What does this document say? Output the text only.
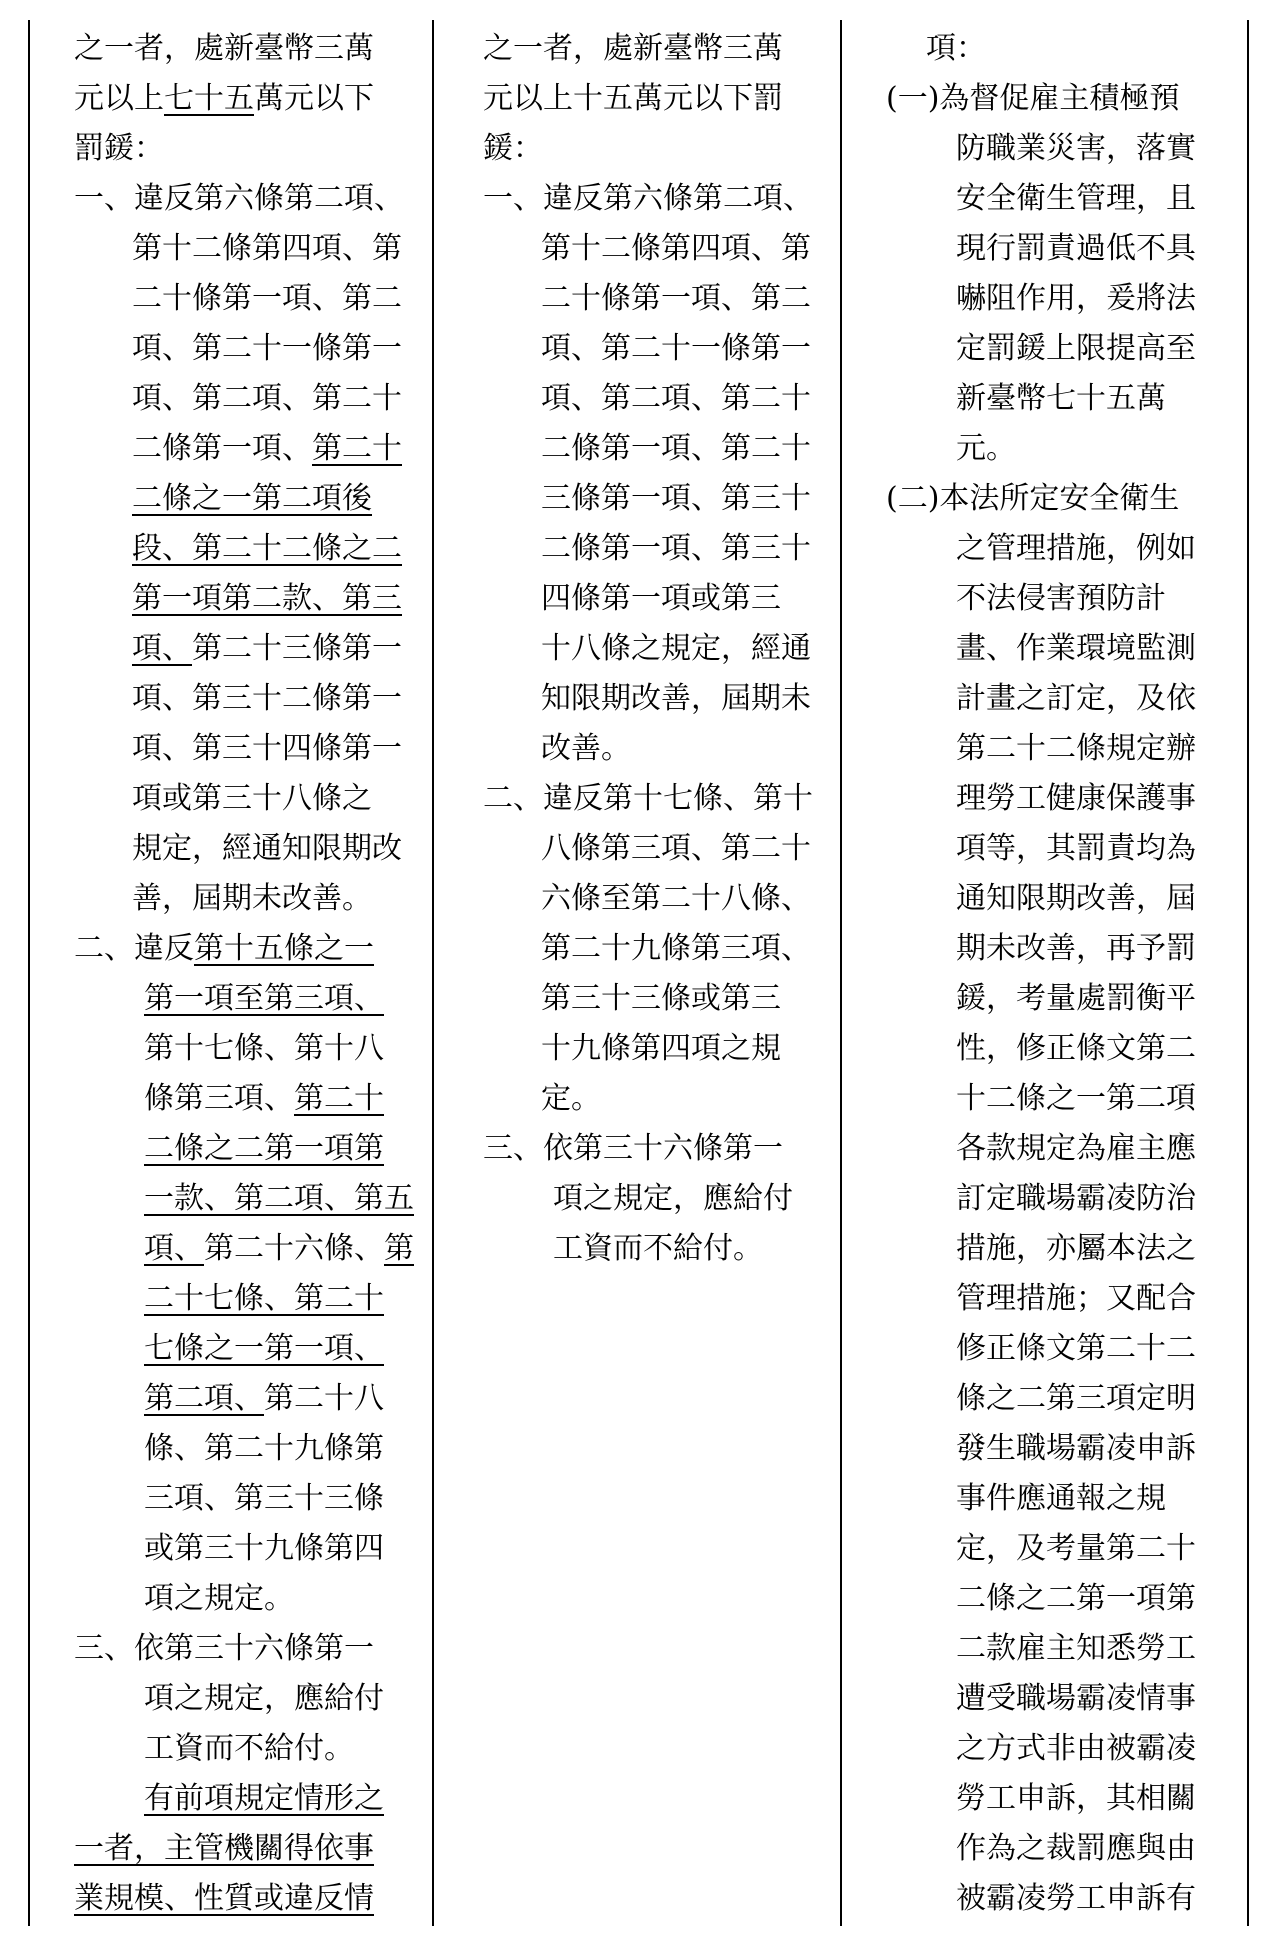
之一者，處新臺幣三萬
元以上七十五萬元以下
罰鍰：
一、違反第六條第二項、
第十二條第四項、第
二十條第一項、第二
項、第二十一條第一
項、第二項、第二十
二條第一項、第二十
二條之一第二項後
段、第二十二條之二
第一項第二款、第三
項、第二十三條第一
項、第三十二條第一
項、第三十四條第一
項或第三十八條之
規定，經通知限期改
善，屆期未改善。
二、違反第十五條之一
第一項至第三項、
第十七條、第十八
條第三項、第二十
二條之二第一項第
一款、第二項、第五
項、第二十六條、第
二十七條、第二十
七條之一第一項、
第二項、第二十八
條、第二十九條第
三項、第三十三條
或第三十九條第四
項之規定。
三、依第三十六條第一
項之規定，應給付
工資而不給付。
有前項規定情形之
一者，主管機關得依事
業規模、性質或違反情
之一者，處新臺幣三萬
元以上十五萬元以下罰
鍰：
一、違反第六條第二項、
第十二條第四項、第
二十條第一項、第二
項、第二十一條第一
項、第二項、第二十
二條第一項、第二十
三條第一項、第三十
二條第一項、第三十
四條第一項或第三
十八條之規定，經通
知限期改善，屆期未
改善。
二、違反第十七條、第十
八條第三項、第二十
六條至第二十八條、
第二十九條第三項、
第三十三條或第三
十九條第四項之規
定。
三、依第三十六條第一
項之規定，應給付
工資而不給付。
項：
(一)為督促雇主積極預
防職業災害，落實
安全衛生管理，且
現行罰責過低不具
嚇阻作用，爰將法
定罰鍰上限提高至
新臺幣七十五萬
元。
(二)本法所定安全衛生
之管理措施，例如
不法侵害預防計
畫、作業環境監測
計畫之訂定，及依
第二十二條規定辦
理勞工健康保護事
項等，其罰責均為
通知限期改善，屆
期未改善，再予罰
鍰，考量處罰衡平
性，修正條文第二
十二條之一第二項
各款規定為雇主應
訂定職場霸凌防治
措施，亦屬本法之
管理措施；又配合
修正條文第二十二
條之二第三項定明
發生職場霸凌申訴
事件應通報之規
定，及考量第二十
二條之二第一項第
二款雇主知悉勞工
遭受職場霸凌情事
之方式非由被霸凌
勞工申訴，其相關
作為之裁罰應與由
被霸凌勞工申訴有
